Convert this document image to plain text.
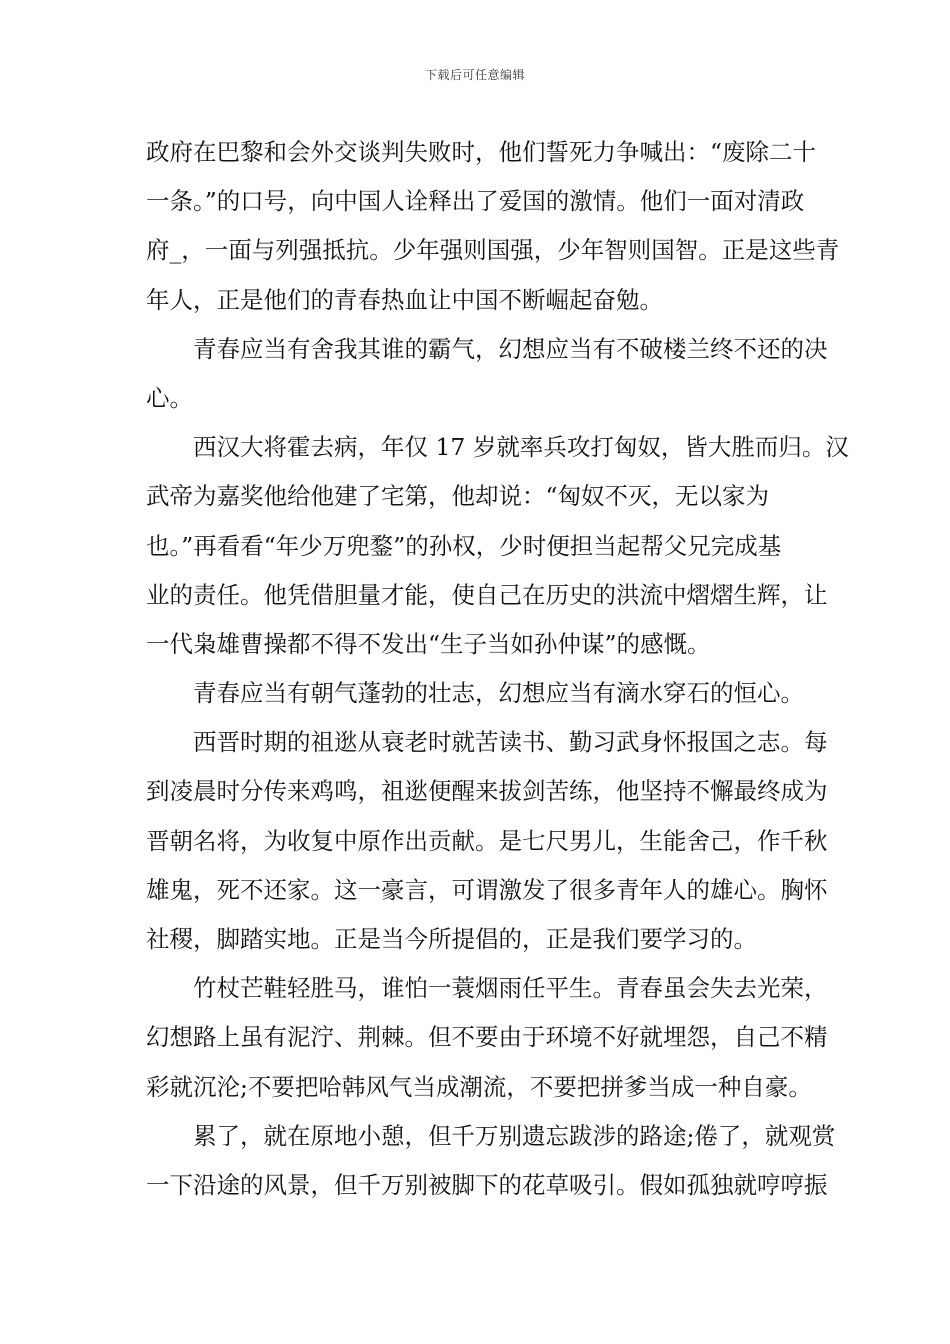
下载后可任意编辑
政府在巴黎和会外交谈判失败时，他们誓死力争喊出：“废除二十
一条。”的口号，向中国人诠释出了爱国的激情。他们一面对清政
府_，一面与列强抵抗。少年强则国强，少年智则国智。正是这些青
年人，正是他们的青春热血让中国不断崛起奋勉。
青春应当有舍我其谁的霸气，幻想应当有不破楼兰终不还的决
心。
西汉大将霍去病，年仅 17 岁就率兵攻打匈奴，皆大胜而归。汉
武帝为嘉奖他给他建了宅第，他却说：“匈奴不灭，无以家为
也。”再看看“年少万兜鍪”的孙权，少时便担当起帮父兄完成基
业的责任。他凭借胆量才能，使自己在历史的洪流中熠熠生辉，让
一代枭雄曹操都不得不发出“生子当如孙仲谋”的感慨。
青春应当有朝气蓬勃的壮志，幻想应当有滴水穿石的恒心。
西晋时期的祖逖从衰老时就苦读书、勤习武身怀报国之志。每
到凌晨时分传来鸡鸣，祖逖便醒来拔剑苦练，他坚持不懈最终成为
晋朝名将，为收复中原作出贡献。是七尺男儿，生能舍己，作千秋
雄鬼，死不还家。这一豪言，可谓激发了很多青年人的雄心。胸怀
社稷，脚踏实地。正是当今所提倡的，正是我们要学习的。
竹杖芒鞋轻胜马，谁怕一蓑烟雨任平生。青春虽会失去光荣，
幻想路上虽有泥泞、荆棘。但不要由于环境不好就埋怨，自己不精
彩就沉沦;不要把哈韩风气当成潮流，不要把拼爹当成一种自豪。
累了，就在原地小憩，但千万别遗忘跋涉的路途;倦了，就观赏
一下沿途的风景，但千万别被脚下的花草吸引。假如孤独就哼哼振
